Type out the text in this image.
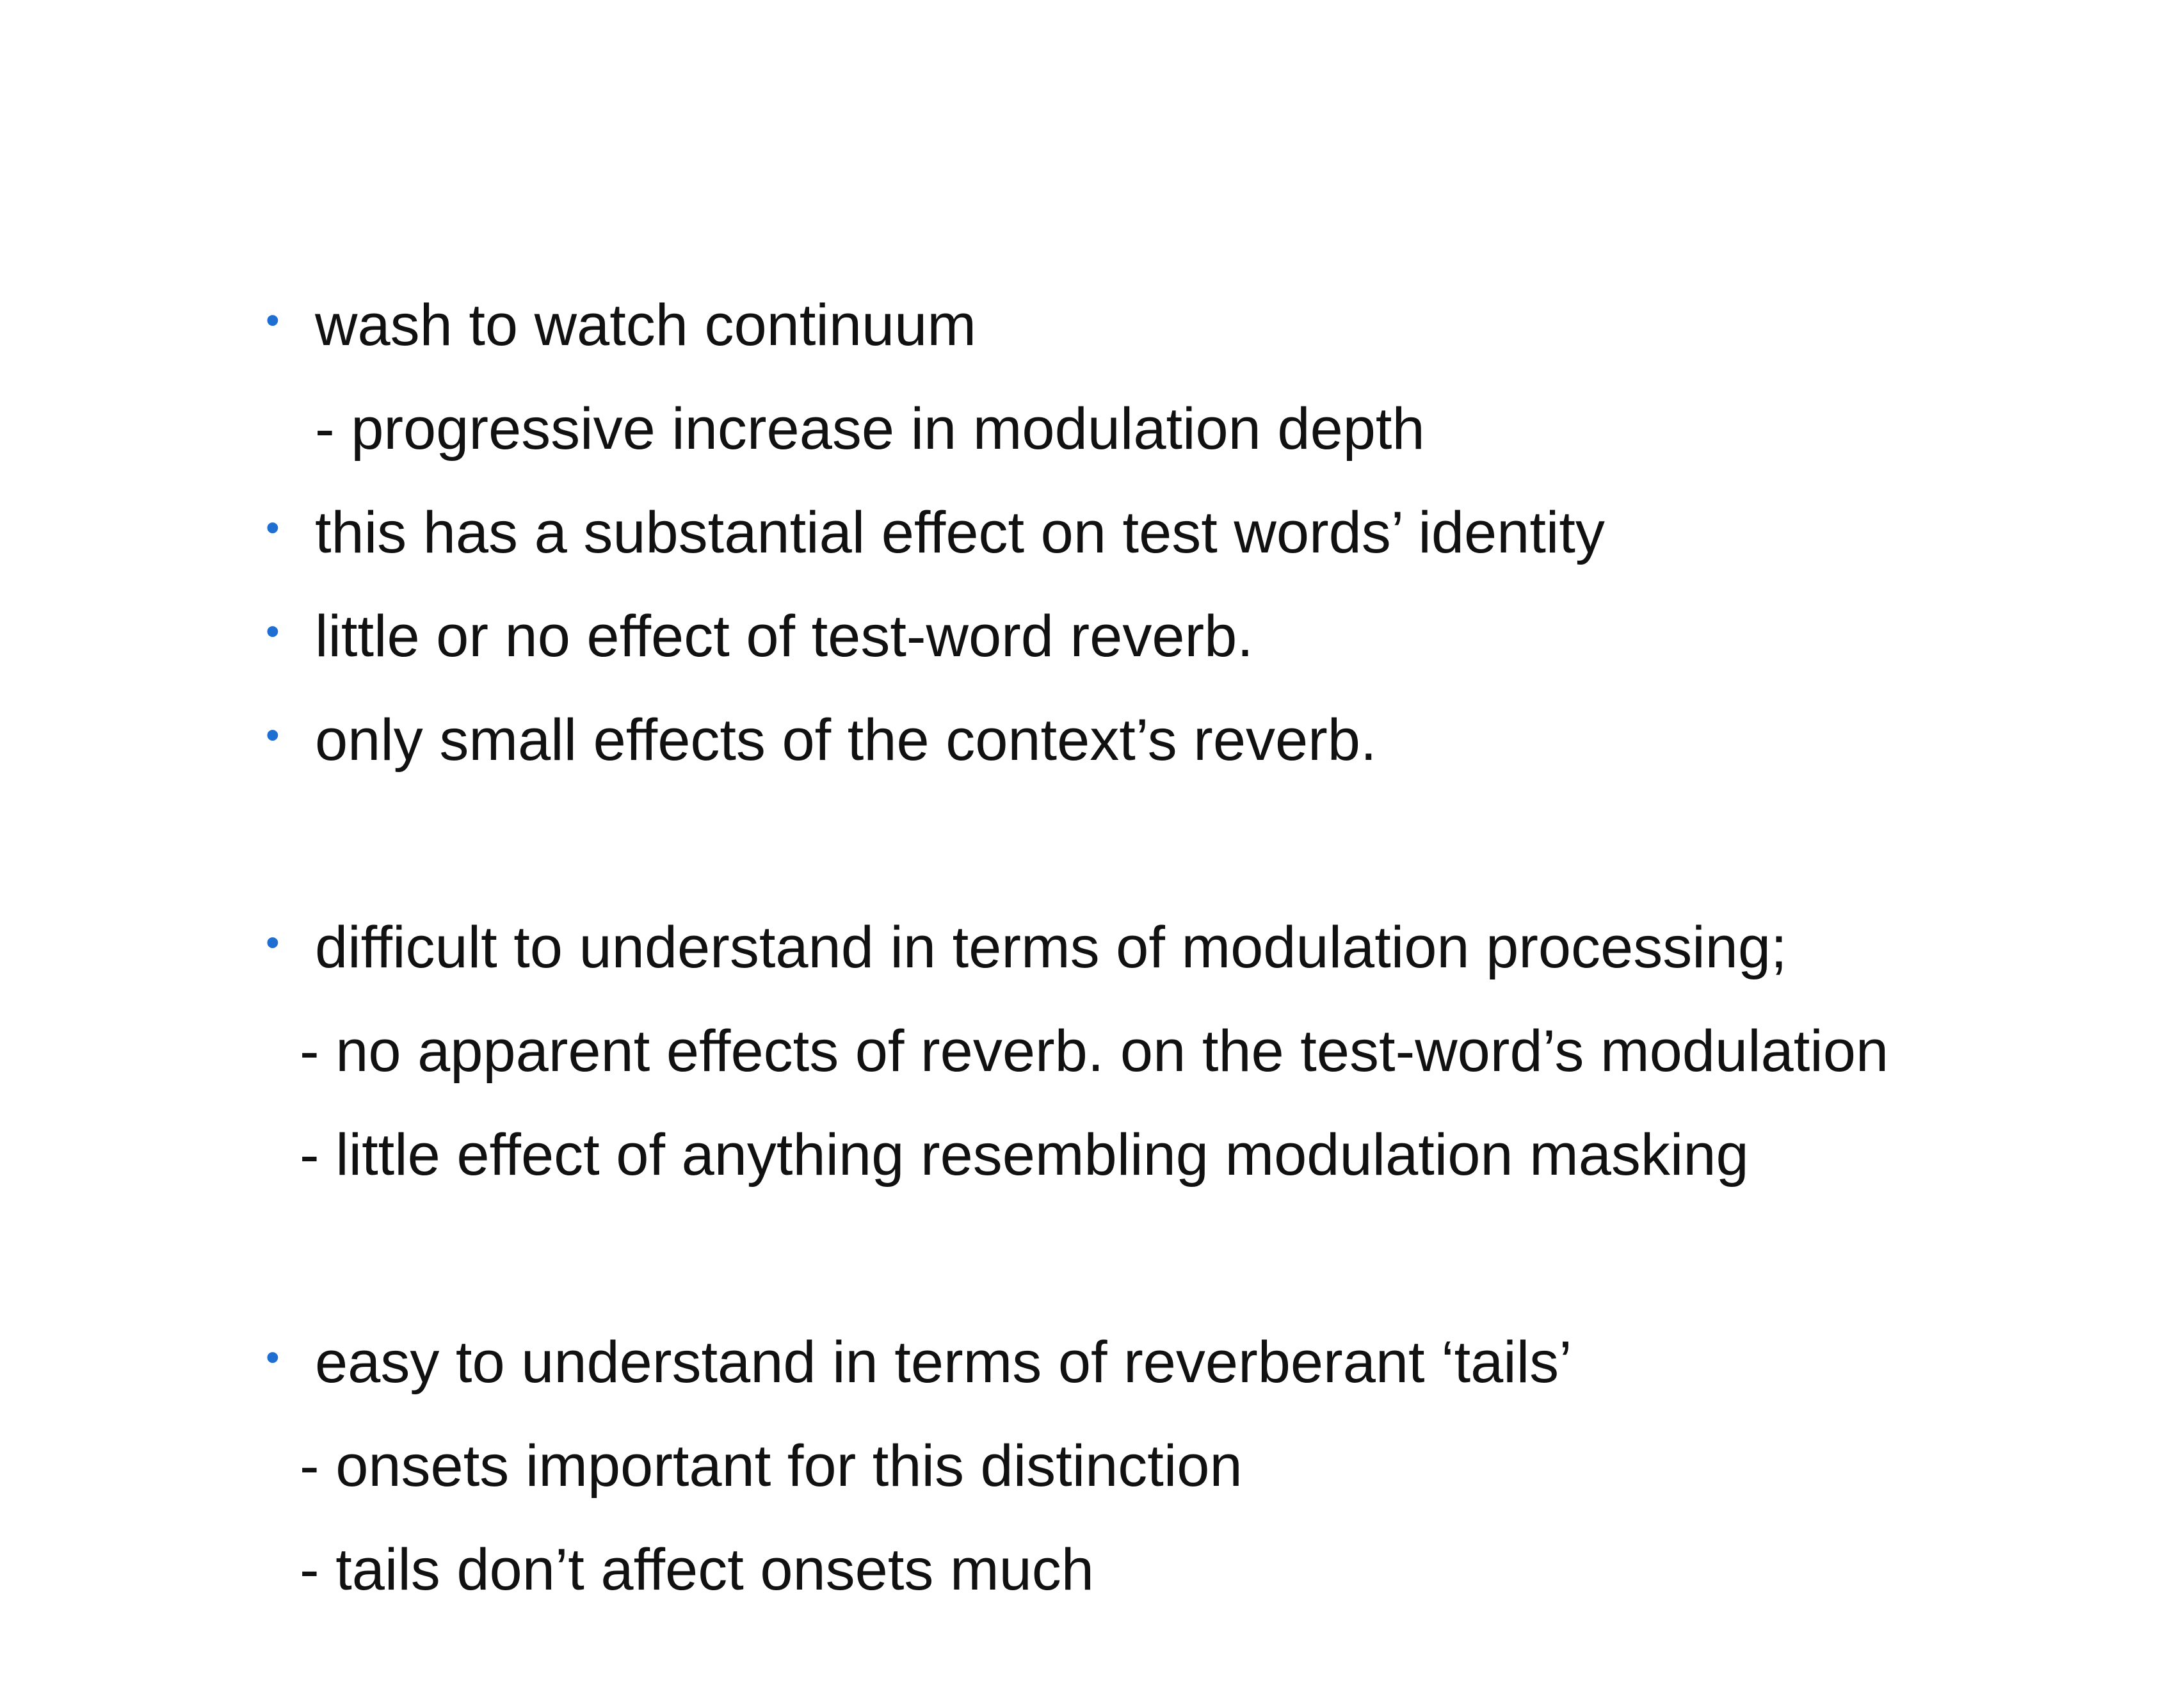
• wash to watch continuum
- progressive increase in modulation depth
• this has a substantial effect on test words’ identity
• little or no effect of test-word reverb.
• only small effects of the context’s reverb.
• difficult to understand in terms of modulation processing;
- no apparent effects of reverb. on the test-word’s modulation
- little effect of anything resembling modulation masking
• easy to understand in terms of reverberant ‘tails’
- onsets important for this distinction
- tails don’t affect onsets much
